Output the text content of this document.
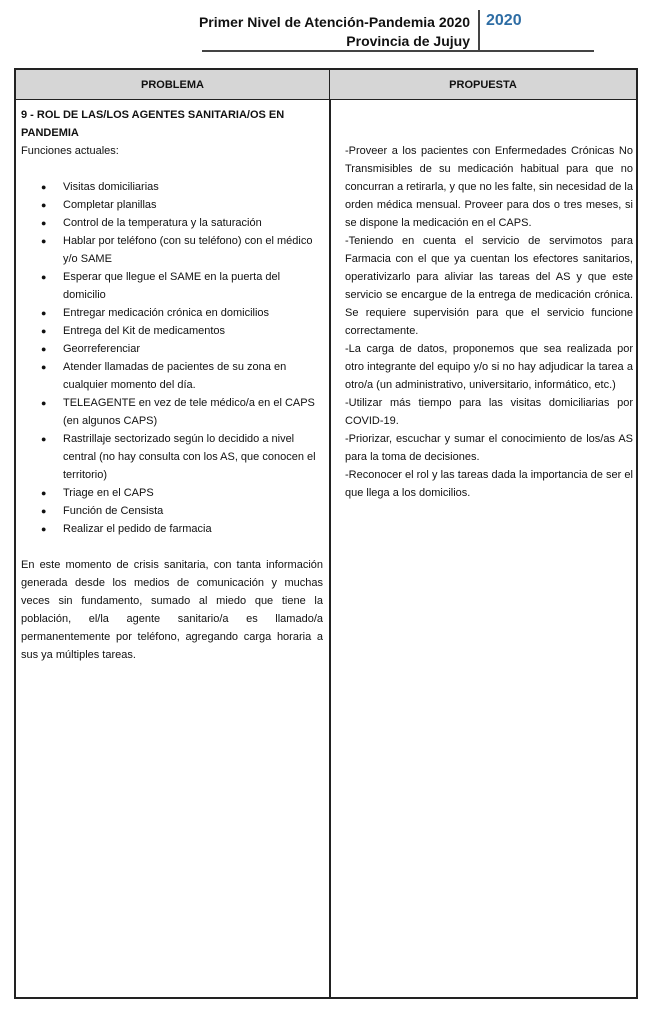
Primer Nivel de Atención-Pandemia 2020
Provincia de Jujuy
2020
PROBLEMA	PROPUESTA
9 - ROL DE LAS/LOS AGENTES SANITARIA/OS EN PANDEMIA
Funciones actuales:
● Visitas domiciliarias
● Completar planillas
● Control de la temperatura y la saturación
● Hablar por teléfono (con su teléfono) con el médico y/o SAME
● Esperar que llegue el SAME en la puerta del domicilio
● Entregar medicación crónica en domicilios
● Entrega del Kit de medicamentos
● Georreferenciar
● Atender llamadas de pacientes de su zona en cualquier momento del día.
● TELEAGENTE en vez de tele médico/a en el CAPS (en algunos CAPS)
● Rastrillaje sectorizado según lo decidido a nivel central (no hay consulta con los AS, que conocen el territorio)
● Triage en el CAPS
● Función de Censista
● Realizar el pedido de farmacia
En este momento de crisis sanitaria, con tanta información generada desde los medios de comunicación y muchas veces sin fundamento, sumado al miedo que tiene la población, el/la agente sanitario/a es llamado/a permanentemente por teléfono, agregando carga horaria a sus ya múltiples tareas.
-Proveer a los pacientes con Enfermedades Crónicas No Transmisibles de su medicación habitual para que no concurran a retirarla, y que no les falte, sin necesidad de la orden médica mensual. Proveer para dos o tres meses, si se dispone la medicación en el CAPS.
-Teniendo en cuenta el servicio de servimotos para Farmacia con el que ya cuentan los efectores sanitarios, operativizarlo para aliviar las tareas del AS y que este servicio se encargue de la entrega de medicación crónica. Se requiere supervisión para que el servicio funcione correctamente.
-La carga de datos, proponemos que sea realizada por otro integrante del equipo y/o si no hay adjudicar la tarea a otro/a (un administrativo, universitario, informático, etc.)
-Utilizar más tiempo para las visitas domiciliarias por COVID-19.
-Priorizar, escuchar y sumar el conocimiento de los/as AS para la toma de decisiones.
-Reconocer el rol y las tareas dada la importancia de ser el que llega a los domicilios.
